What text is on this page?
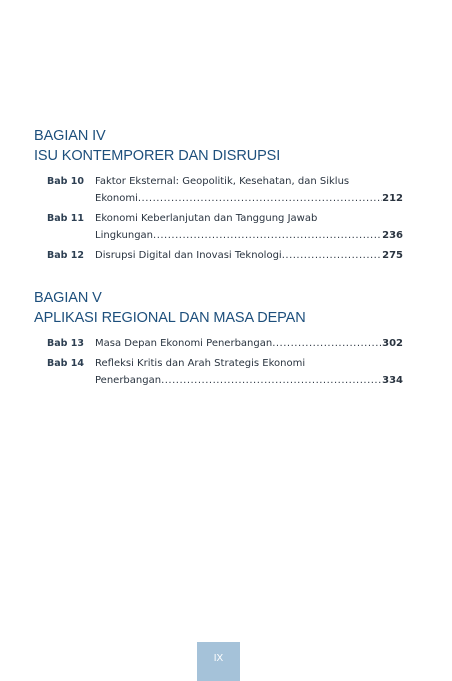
BAGIAN IV
ISU KONTEMPORER DAN DISRUPSI
Bab 10 Faktor Eksternal: Geopolitik, Kesehatan, dan Siklus
Ekonomi .....	212
Bab 11 Ekonomi Keberlanjutan dan Tanggung Jawab
Lingkungan .....	236
Bab 12 Disrupsi Digital dan Inovasi Teknologi .....	275
BAGIAN V
APLIKASI REGIONAL DAN MASA DEPAN
Bab 13 Masa Depan Ekonomi Penerbangan .....	302
Bab 14 Refleksi Kritis dan Arah Strategis Ekonomi
Penerbangan .....	334
IX
